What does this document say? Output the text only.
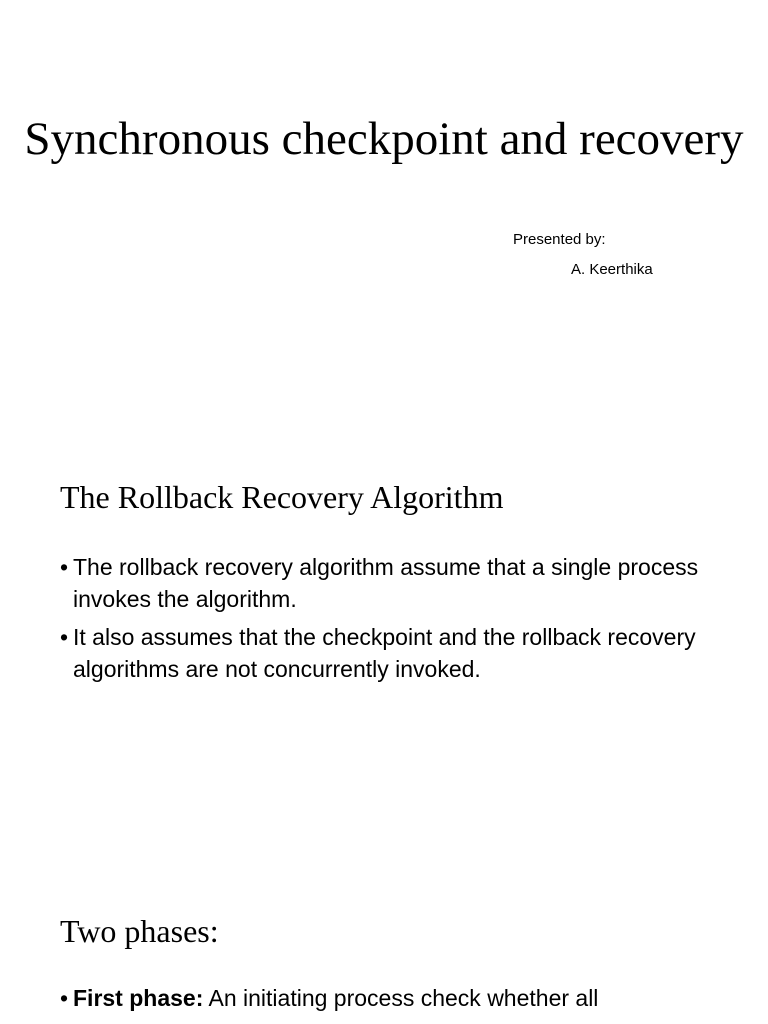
Synchronous checkpoint and recovery
Presented by:
A. Keerthika
The Rollback Recovery Algorithm
• The rollback recovery algorithm assume that a single process invokes the algorithm.
• It also assumes that the checkpoint and the rollback recovery algorithms are not concurrently invoked.
Two phases:
• First phase: An initiating process check whether all
